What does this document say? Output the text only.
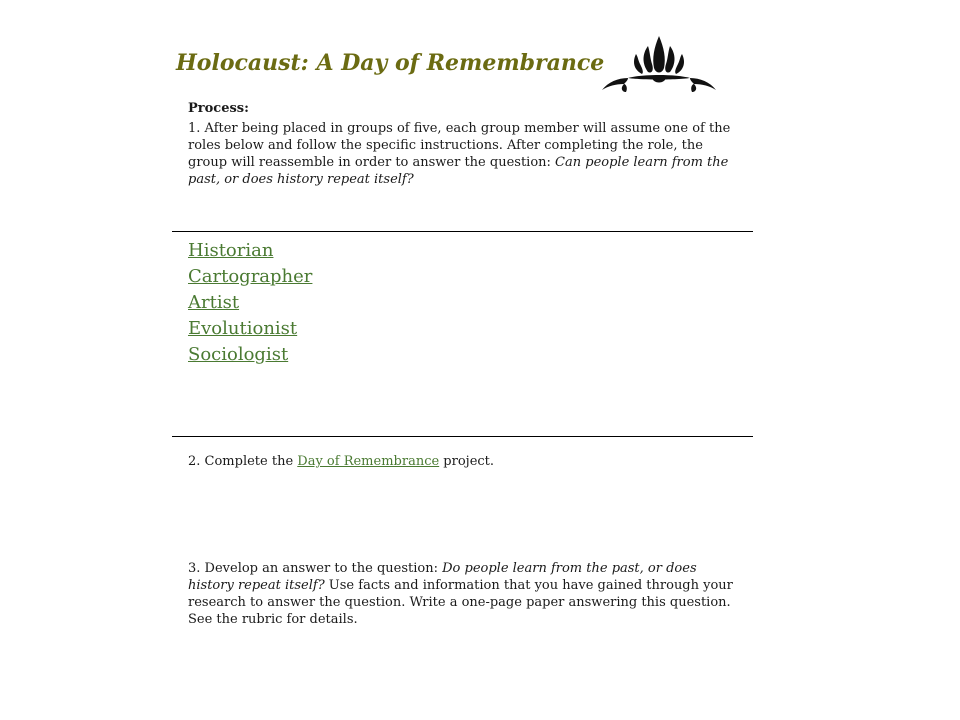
Holocaust: A Day of Remembrance

Process:

1. After being placed in groups of five, each group member will assume one of the roles below and follow the specific instructions. After completing the role, the group will reassemble in order to answer the question: Can people learn from the past, or does history repeat itself?

Historian
Cartographer
Artist
Evolutionist
Sociologist

2. Complete the Day of Remembrance project.

3. Develop an answer to the question: Do people learn from the past, or does history repeat itself? Use facts and information that you have gained through your research to answer the question. Write a one-page paper answering this question. See the rubric for details.
